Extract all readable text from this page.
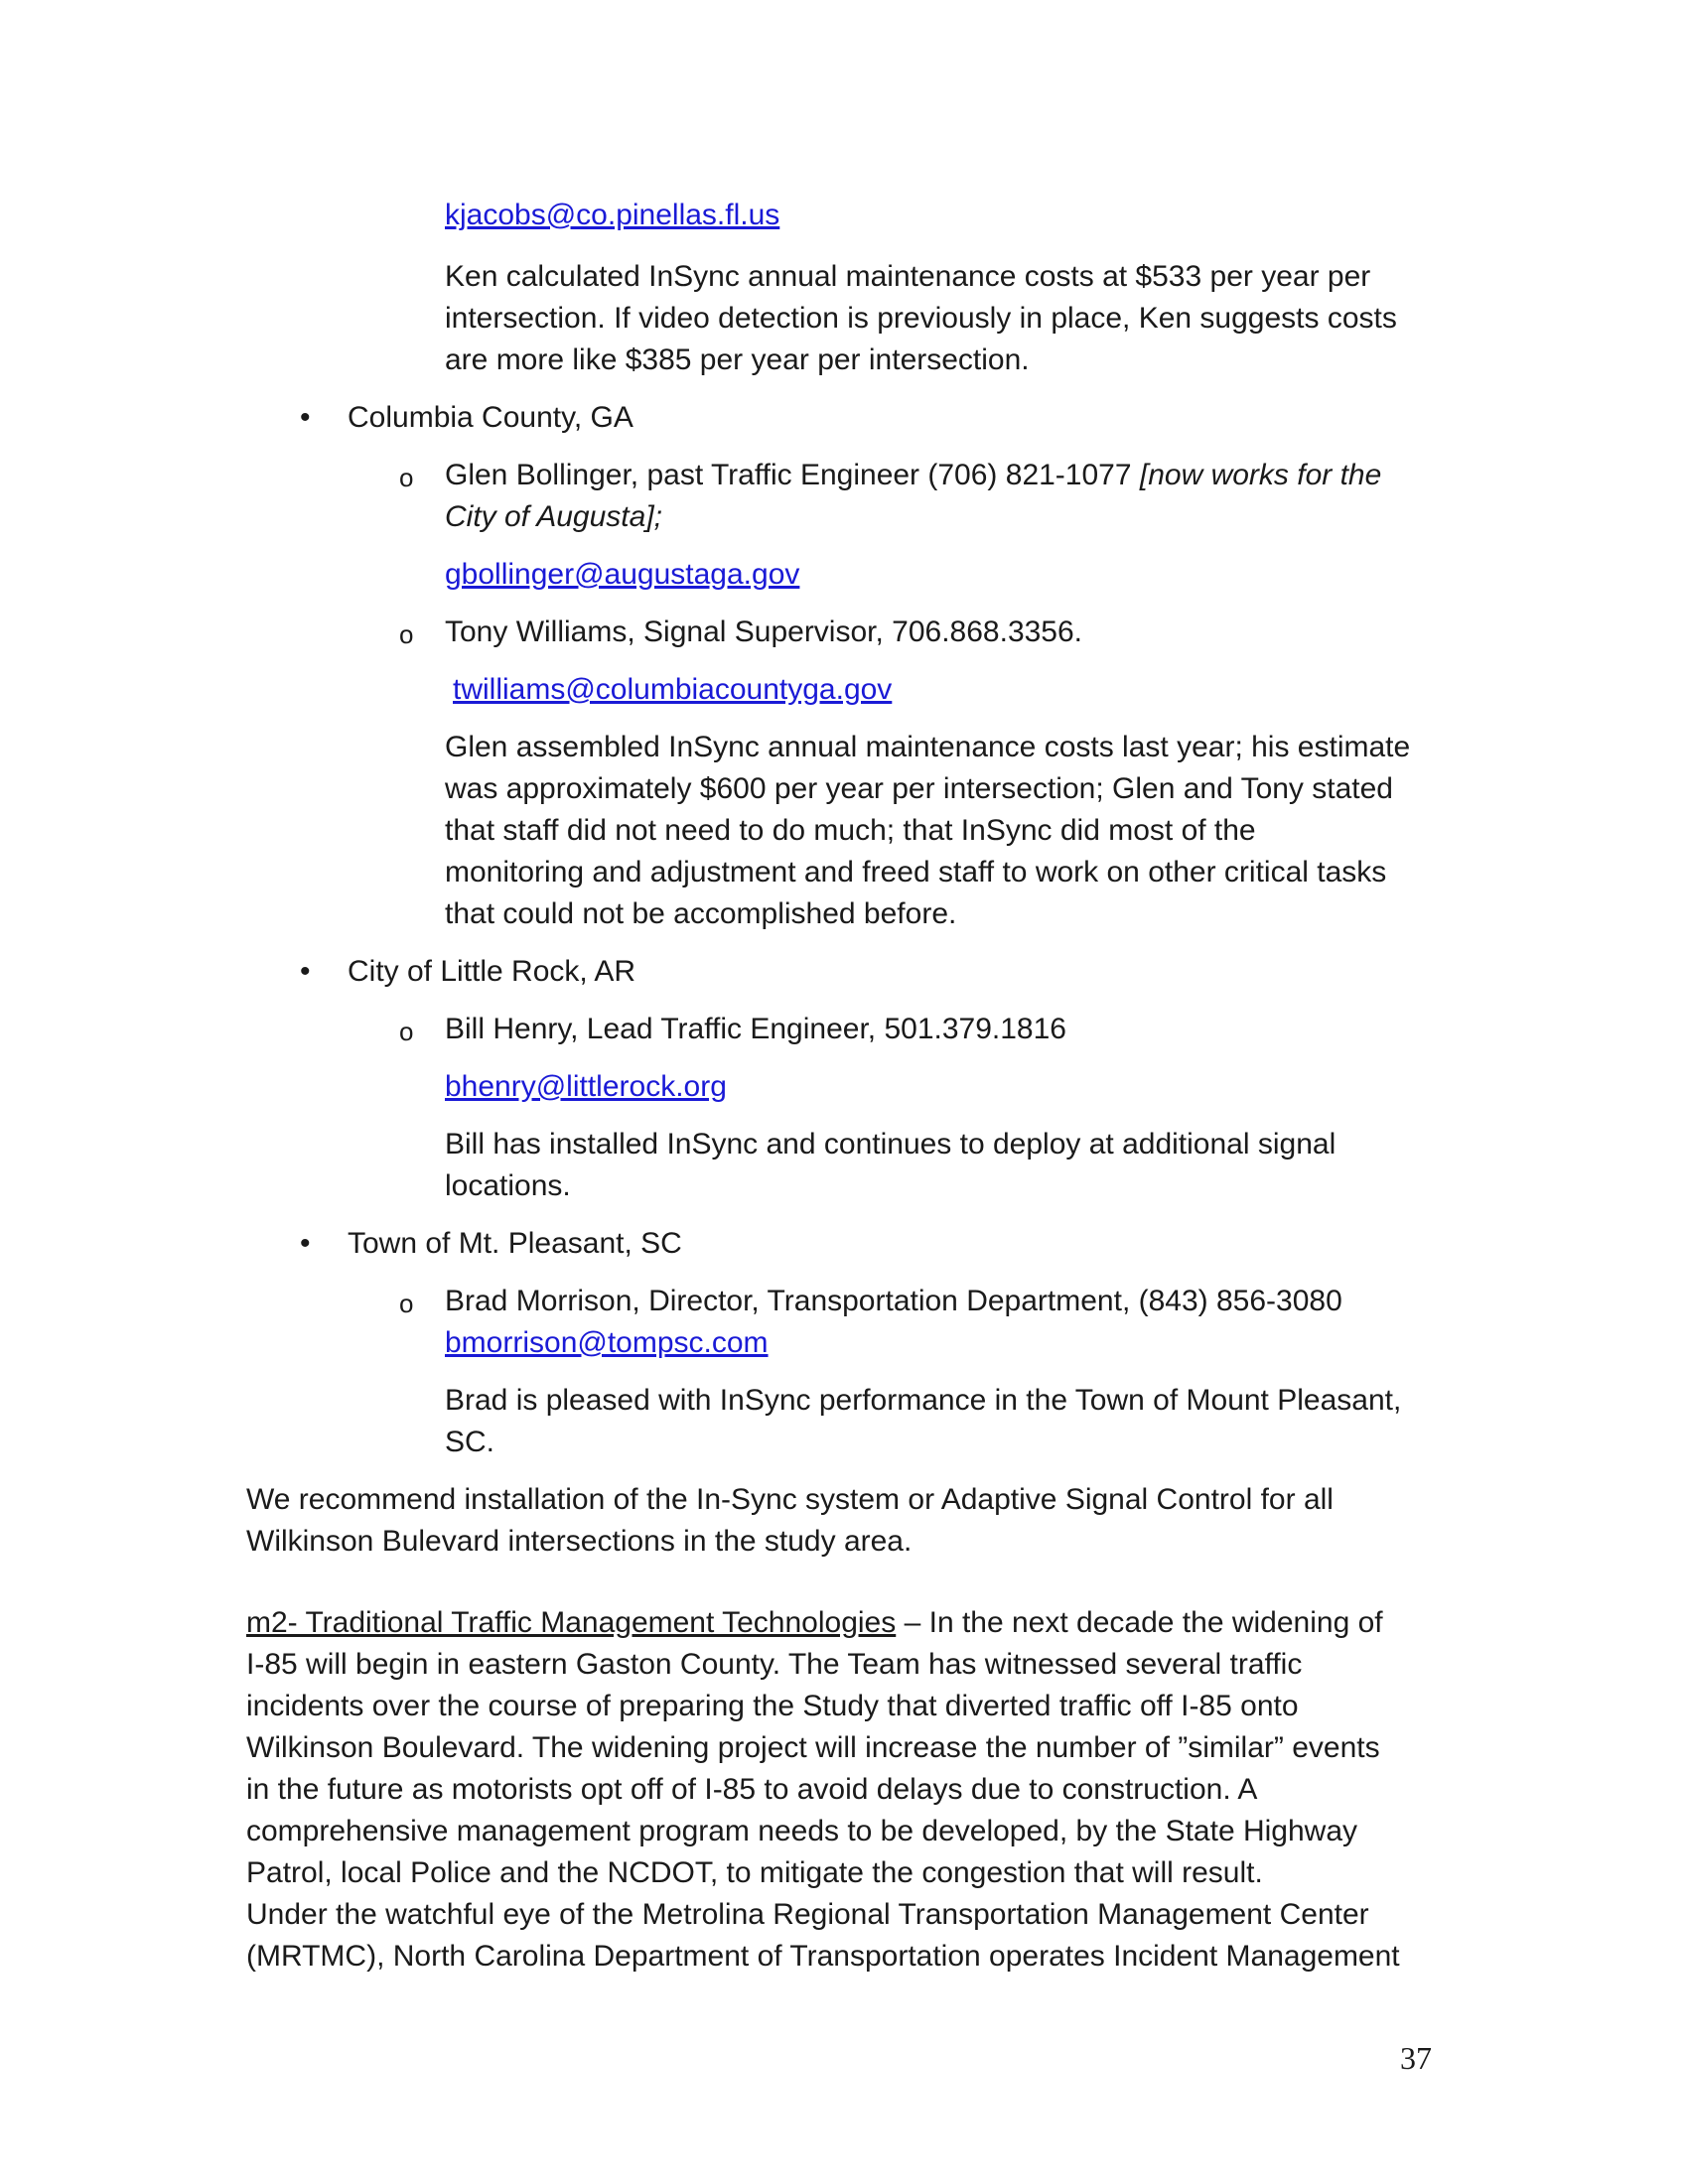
kjacobs@co.pinellas.fl.us

Ken calculated InSync annual maintenance costs at $533 per year per

intersection. If video detection is previously in place, Ken suggests costs

are more like $385 per year per intersection.

• Columbia County, GA

o Glen Bollinger, past Traffic Engineer (706) 821-1077 [now works for the

City of Augusta];

gbollinger@augustaga.gov
o Tony Williams, Signal Supervisor, 706.868.3356.

twilliams@columbiacountyga.gov

Glen assembled InSync annual maintenance costs last year; his estimate

was approximately $600 per year per intersection; Glen and Tony stated

that staff did not need to do much; that InSync did most of the

monitoring and adjustment and freed staff to work on other critical tasks

that could not be accomplished before.

• City of Little Rock, AR

o Bill Henry, Lead Traffic Engineer, 501.379.1816

bhenry@littlerock.org

Bill has installed InSync and continues to deploy at additional signal

locations.

• Town of Mt. Pleasant, SC

o Brad Morrison, Director, Transportation Department, (843) 856-3080

bmorrison@tompsc.com

Brad is pleased with InSync performance in the Town of Mount Pleasant,

SC.

We recommend installation of the In-Sync system or Adaptive Signal Control for all

Wilkinson Bulevard intersections in the study area.

m2- Traditional Traffic Management Technologies – In the next decade the widening of

I-85 will begin in eastern Gaston County. The Team has witnessed several traffic

incidents over the course of preparing the Study that diverted traffic off I-85 onto

Wilkinson Boulevard. The widening project will increase the number of ”similar” events

in the future as motorists opt off of I-85 to avoid delays due to construction. A

comprehensive management program needs to be developed, by the State Highway

Patrol, local Police and the NCDOT, to mitigate the congestion that will result.

Under the watchful eye of the Metrolina Regional Transportation Management Center

(MRTMC), North Carolina Department of Transportation operates Incident Management

37
